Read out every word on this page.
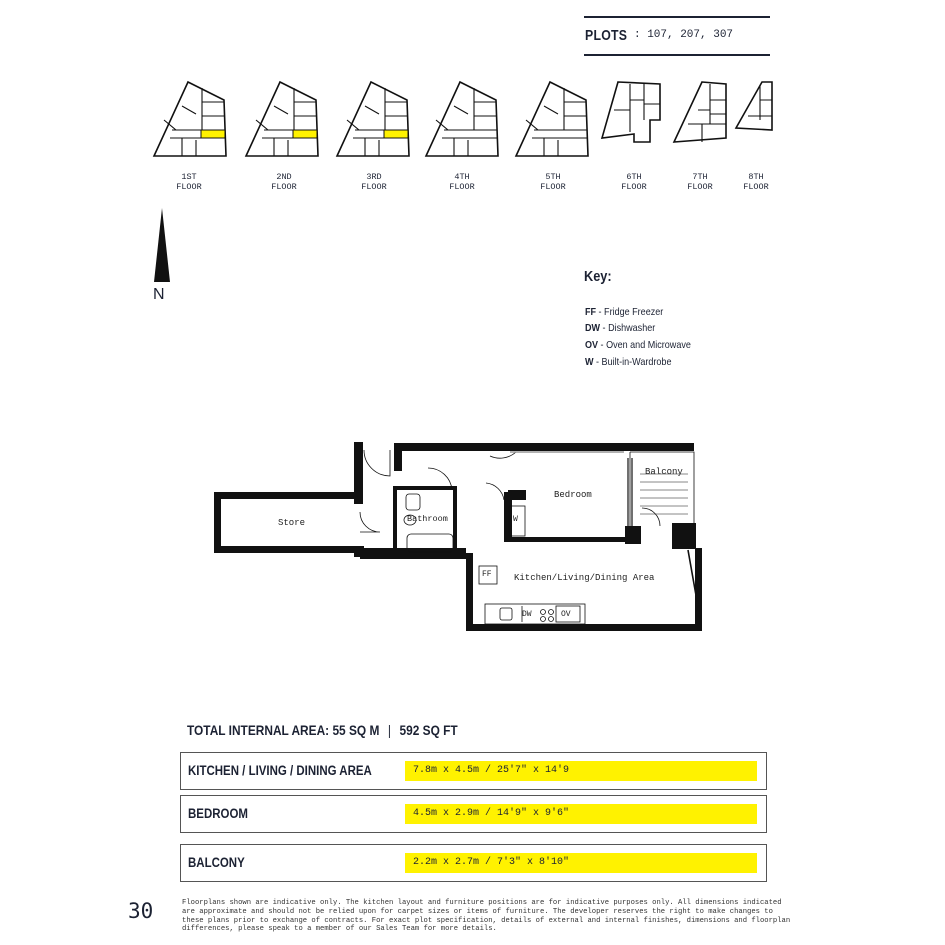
PLOTS : 107, 207, 307
1ST
FLOOR
2ND
FLOOR
3RD
FLOOR
4TH
FLOOR
5TH
FLOOR
6TH
FLOOR
7TH
FLOOR
8TH
FLOOR
N
Key:
FF - Fridge Freezer
DW - Dishwasher
OV - Oven and Microwave
W - Built-in-Wardrobe
Store	Bathroom
Bedroom
Balcony
Kitchen/Living/Dining Area
FF
W
DW	OV
TOTAL INTERNAL AREA: 55 SQ M | 592 SQ FT
KITCHEN / LIVING / DINING AREA	7.8m x 4.5m / 25'7" x 14'9
BEDROOM	4.5m x 2.9m / 14'9" x 9'6"
BALCONY	2.2m x 2.7m / 7'3" x 8'10"
30	Floorplans shown are indicative only. The kitchen layout and furniture positions are for indicative purposes only. All dimensions indicated are approximate and should not be relied upon for carpet sizes or items of furniture. The developer reserves the right to make changes to these plans prior to exchange of contracts. For exact plot specification, details of external and internal finishes, dimensions and floorplan differences, please speak to a member of our Sales Team for more details.
